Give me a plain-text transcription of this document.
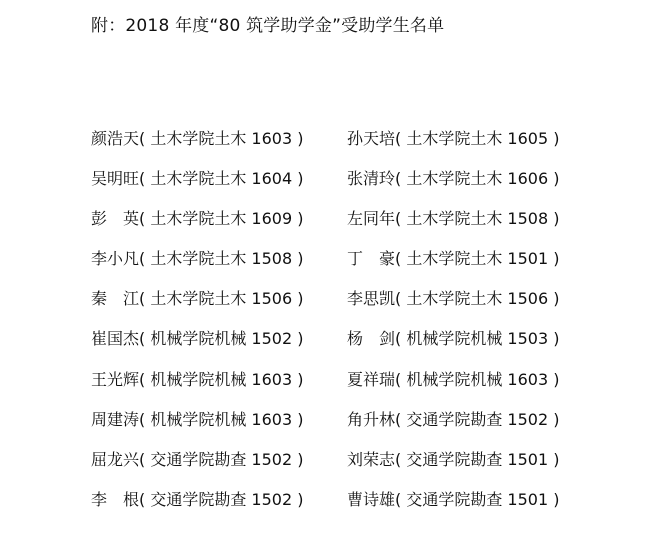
附：2018 年度“80 筑学助学金”受助学生名单
颜浩天( 土木学院土木 1603 )	孙天培( 土木学院土木 1605 )
吴明旺( 土木学院土木 1604 )	张清玲( 土木学院土木 1606 )
彭　英( 土木学院土木 1609 )	左同年( 土木学院土木 1508 )
李小凡( 土木学院土木 1508 )	丁　豪( 土木学院土木 1501 )
秦　江( 土木学院土木 1506 )	李思凯( 土木学院土木 1506 )
崔国杰( 机械学院机械 1502 )	杨　剑( 机械学院机械 1503 )
王光辉( 机械学院机械 1603 )	夏祥瑞( 机械学院机械 1603 )
周建涛( 机械学院机械 1603 )	角升林( 交通学院勘查 1502 )
屈龙兴( 交通学院勘查 1502 )	刘荣志( 交通学院勘查 1501 )
李　根( 交通学院勘查 1502 )	曹诗雄( 交通学院勘查 1501 )
